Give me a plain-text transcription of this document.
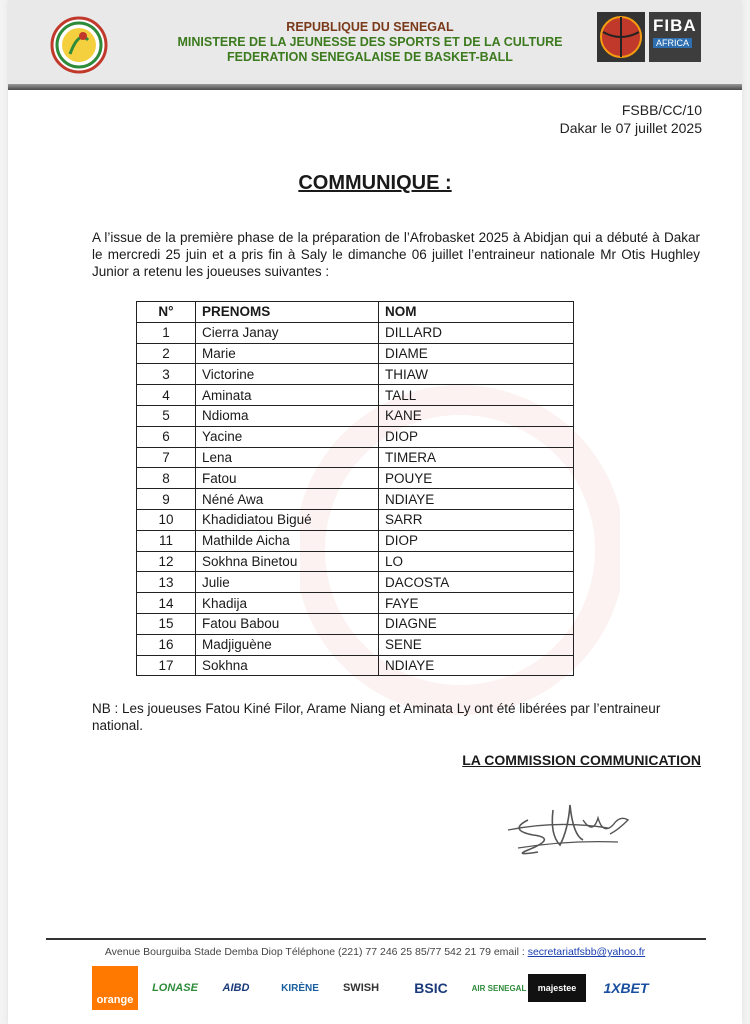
REPUBLIQUE DU SENEGAL
MINISTERE DE LA JEUNESSE DES SPORTS ET DE LA CULTURE
FEDERATION SENEGALAISE DE BASKET-BALL
FIBA
AFRICA
FSBB/CC/10
Dakar le 07 juillet 2025
COMMUNIQUE :
A l’issue de la première phase de la préparation de l’Afrobasket 2025 à Abidjan qui a débuté à Dakar le mercredi 25 juin et a pris fin à Saly le dimanche 06 juillet l’entraineur nationale Mr Otis Hughley Junior a retenu les joueuses suivantes :
N°	PRENOMS	NOM
1	Cierra Janay	DILLARD
2	Marie	DIAME
3	Victorine	THIAW
4	Aminata	TALL
5	Ndioma	KANE
6	Yacine	DIOP
7	Lena	TIMERA
8	Fatou	POUYE
9	Néné Awa	NDIAYE
10	Khadidiatou Bigué	SARR
11	Mathilde Aicha	DIOP
12	Sokhna Binetou	LO
13	Julie	DACOSTA
14	Khadija	FAYE
15	Fatou Babou	DIAGNE
16	Madjiguène	SENE
17	Sokhna	NDIAYE
NB : Les joueuses Fatou Kiné Filor, Arame Niang et Aminata Ly ont été libérées par l’entraineur national.
LA COMMISSION COMMUNICATION
Avenue Bourguiba Stade Demba Diop Téléphone (221) 77 246 25 85/77 542 21 79 email : secretariatfsbb@yahoo.fr
orange
LONASE	AIBD	KIRÈNE	SWISH	BSIC	AIR SENEGAL	majestee	1XBET
